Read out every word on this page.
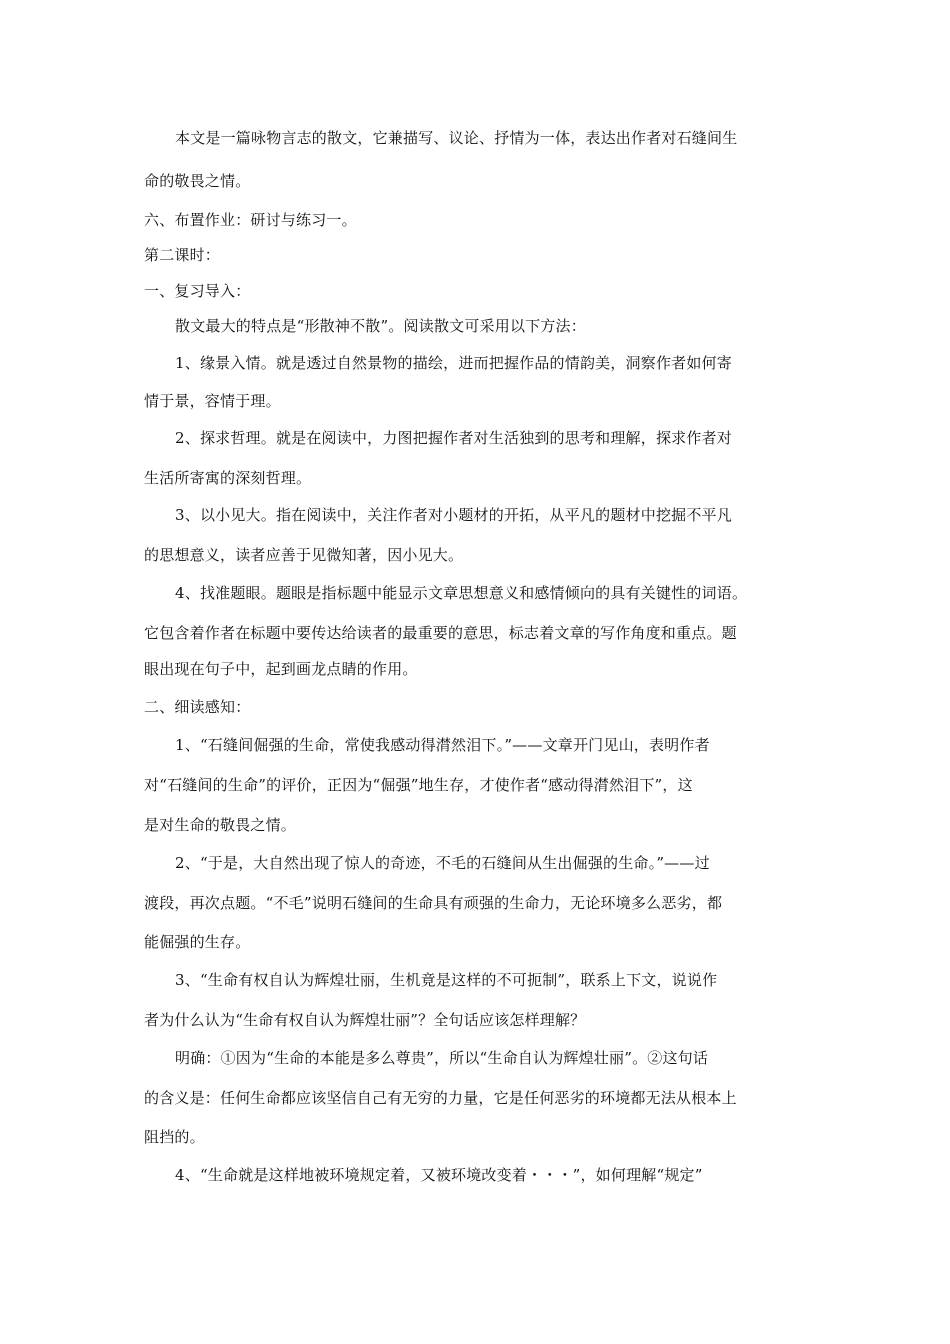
本文是一篇咏物言志的散文，它兼描写、议论、抒情为一体，表达出作者对石缝间生
命的敬畏之情。
六、布置作业：研讨与练习一。
第二课时：
一、复习导入：
散文最大的特点是“形散神不散”。阅读散文可采用以下方法：
1、缘景入情。就是透过自然景物的描绘，进而把握作品的情韵美，洞察作者如何寄
情于景，容情于理。
2、探求哲理。就是在阅读中，力图把握作者对生活独到的思考和理解，探求作者对
生活所寄寓的深刻哲理。
3、以小见大。指在阅读中，关注作者对小题材的开拓，从平凡的题材中挖掘不平凡
的思想意义，读者应善于见微知著，因小见大。
4、找准题眼。题眼是指标题中能显示文章思想意义和感情倾向的具有关键性的词语。
它包含着作者在标题中要传达给读者的最重要的意思，标志着文章的写作角度和重点。题
眼出现在句子中，起到画龙点睛的作用。
二、细读感知：
1、“石缝间倔强的生命，常使我感动得潸然泪下。”——文章开门见山，表明作者
对“石缝间的生命”的评价，正因为“倔强”地生存，才使作者“感动得潸然泪下”，这
是对生命的敬畏之情。
2、“于是，大自然出现了惊人的奇迹，不毛的石缝间从生出倔强的生命。”——过
渡段，再次点题。“不毛”说明石缝间的生命具有顽强的生命力，无论环境多么恶劣，都
能倔强的生存。
3、“生命有权自认为辉煌壮丽，生机竟是这样的不可扼制”，联系上下文，说说作
者为什么认为“生命有权自认为辉煌壮丽”？全句话应该怎样理解？
明确：①因为“生命的本能是多么尊贵”，所以“生命自认为辉煌壮丽”。②这句话
的含义是：任何生命都应该坚信自己有无穷的力量，它是任何恶劣的环境都无法从根本上
阻挡的。
4、“生命就是这样地被环境规定着，又被环境改变着・・・”，如何理解“规定”
